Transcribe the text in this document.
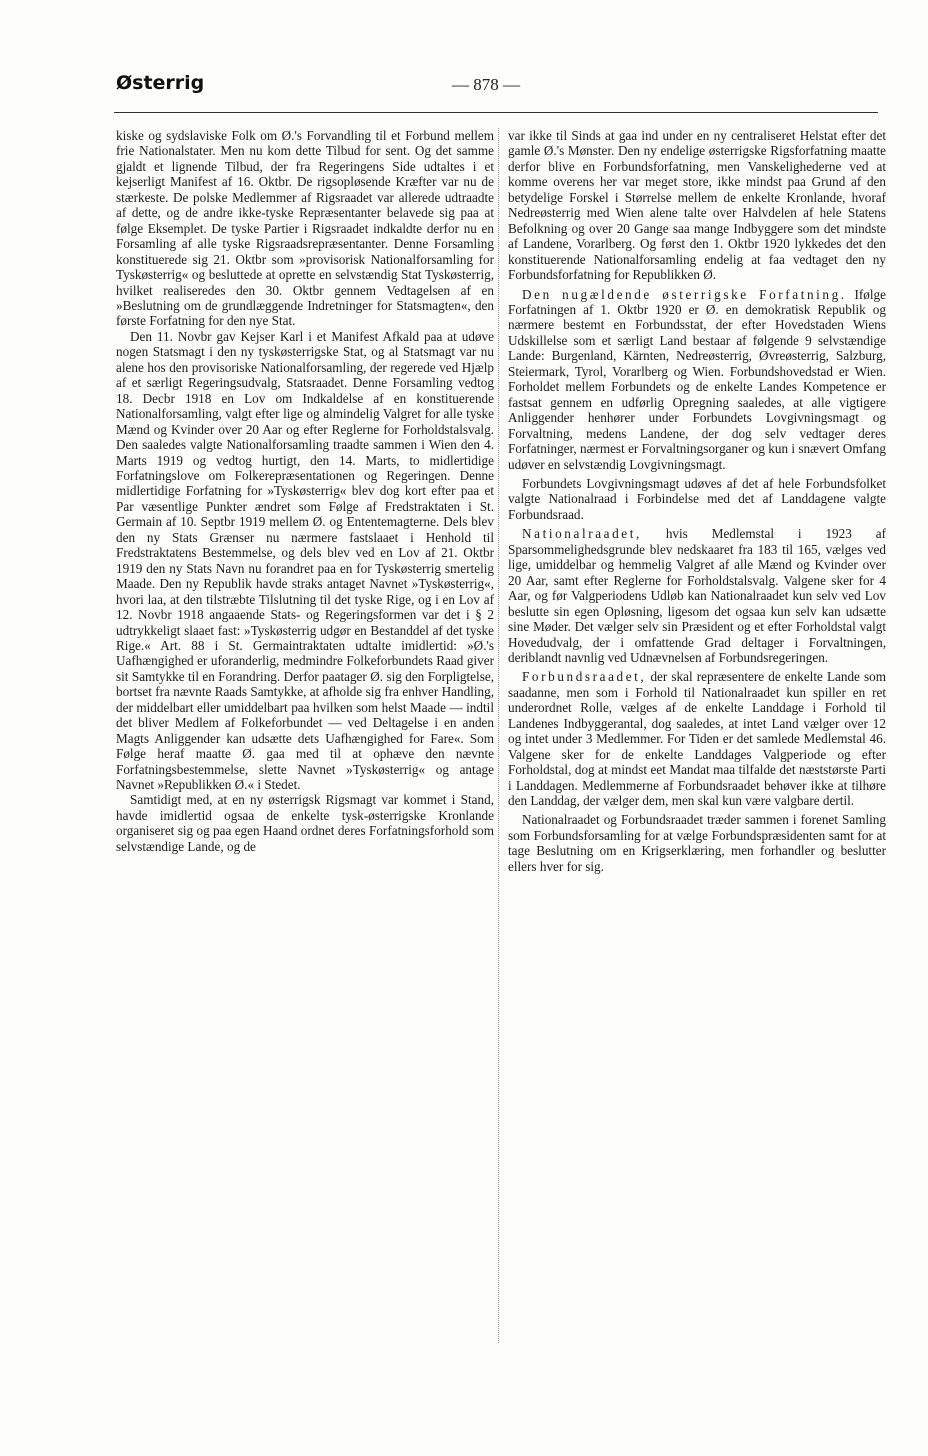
Østerrig	— 878 —

kiske og sydslaviske Folk om Ø.'s Forvandling til et Forbund mellem frie Nationalstater. Men nu kom dette Tilbud for sent. Og det samme gjaldt et lignende Tilbud, der fra Regeringens Side udtaltes i et kejserligt Manifest af 16. Oktbr. De rigsopløsende Kræfter var nu de stærkeste. De polske Medlemmer af Rigsraadet var allerede udtraadte af dette, og de andre ikke-tyske Repræsentanter belavede sig paa at følge Eksemplet. De tyske Partier i Rigsraadet indkaldte derfor nu en Forsamling af alle tyske Rigsraadsrepræsentanter. Denne Forsamling konstituerede sig 21. Oktbr som »provisorisk Nationalforsamling for Tyskøsterrig« og besluttede at oprette en selvstændig Stat Tyskøsterrig, hvilket realiseredes den 30. Oktbr gennem Vedtagelsen af en »Beslutning om de grundlæggende Indretninger for Statsmagten«, den første Forfatning for den nye Stat.

Den 11. Novbr gav Kejser Karl i et Manifest Afkald paa at udøve nogen Statsmagt i den ny tyskøsterrigske Stat, og al Statsmagt var nu alene hos den provisoriske Nationalforsamling, der regerede ved Hjælp af et særligt Regeringsudvalg, Statsraadet. Denne Forsamling vedtog 18. Decbr 1918 en Lov om Indkaldelse af en konstituerende Nationalforsamling, valgt efter lige og almindelig Valgret for alle tyske Mænd og Kvinder over 20 Aar og efter Reglerne for Forholdstalsvalg. Den saaledes valgte Nationalforsamling traadte sammen i Wien den 4. Marts 1919 og vedtog hurtigt, den 14. Marts, to midlertidige Forfatningslove om Folkerepræsentationen og Regeringen. Denne midlertidige Forfatning for »Tyskøsterrig« blev dog kort efter paa et Par væsentlige Punkter ændret som Følge af Fredstraktaten i St. Germain af 10. Septbr 1919 mellem Ø. og Ententemagterne. Dels blev den ny Stats Grænser nu nærmere fastslaaet i Henhold til Fredstraktatens Bestemmelse, og dels blev ved en Lov af 21. Oktbr 1919 den ny Stats Navn nu forandret paa en for Tyskøsterrig smertelig Maade. Den ny Republik havde straks antaget Navnet »Tyskøsterrig«, hvori laa, at den tilstræbte Tilslutning til det tyske Rige, og i en Lov af 12. Novbr 1918 angaaende Stats- og Regeringsformen var det i § 2 udtrykkeligt slaaet fast: »Tyskøsterrig udgør en Bestanddel af det tyske Rige.« Art. 88 i St. Germaintraktaten udtalte imidlertid: »Ø.'s Uafhængighed er uforanderlig, medmindre Folkeforbundets Raad giver sit Samtykke til en Forandring. Derfor paatager Ø. sig den Forpligtelse, bortset fra nævnte Raads Samtykke, at afholde sig fra enhver Handling, der middelbart eller umiddelbart paa hvilken som helst Maade — indtil det bliver Medlem af Folkeforbundet — ved Deltagelse i en anden Magts Anliggender kan udsætte dets Uafhængighed for Fare«. Som Følge heraf maatte Ø. gaa med til at ophæve den nævnte Forfatningsbestemmelse, slette Navnet »Tyskøsterrig« og antage Navnet »Republikken Ø.« i Stedet.

Samtidigt med, at en ny østerrigsk Rigsmagt var kommet i Stand, havde imidlertid ogsaa de enkelte tysk-østerrigske Kronlande organiseret sig og paa egen Haand ordnet deres Forfatningsforhold som selvstændige Lande, og de

var ikke til Sinds at gaa ind under en ny centraliseret Helstat efter det gamle Ø.'s Mønster. Den ny endelige østerrigske Rigsforfatning maatte derfor blive en Forbundsforfatning, men Vanskelighederne ved at komme overens her var meget store, ikke mindst paa Grund af den betydelige Forskel i Størrelse mellem de enkelte Kronlande, hvoraf Nedreøsterrig med Wien alene talte over Halvdelen af hele Statens Befolkning og over 20 Gange saa mange Indbyggere som det mindste af Landene, Vorarlberg. Og først den 1. Oktbr 1920 lykkedes det den konstituerende Nationalforsamling endelig at faa vedtaget den ny Forbundsforfatning for Republikken Ø.

Den nugældende østerrigske Forfatning. Ifølge Forfatningen af 1. Oktbr 1920 er Ø. en demokratisk Republik og nærmere bestemt en Forbundsstat, der efter Hovedstaden Wiens Udskillelse som et særligt Land bestaar af følgende 9 selvstændige Lande: Burgenland, Kärnten, Nedreøsterrig, Øvreøsterrig, Salzburg, Steiermark, Tyrol, Vorarlberg og Wien. Forbundshovedstad er Wien. Forholdet mellem Forbundets og de enkelte Landes Kompetence er fastsat gennem en udførlig Opregning saaledes, at alle vigtigere Anliggender henhører under Forbundets Lovgivningsmagt og Forvaltning, medens Landene, der dog selv vedtager deres Forfatninger, nærmest er Forvaltningsorganer og kun i snævert Omfang udøver en selvstændig Lovgivningsmagt.

Forbundets Lovgivningsmagt udøves af det af hele Forbundsfolket valgte Nationalraad i Forbindelse med det af Landdagene valgte Forbundsraad.

Nationalraadet, hvis Medlemstal i 1923 af Sparsommelighedsgrunde blev nedskaaret fra 183 til 165, vælges ved lige, umiddelbar og hemmelig Valgret af alle Mænd og Kvinder over 20 Aar, samt efter Reglerne for Forholdstalsvalg. Valgene sker for 4 Aar, og før Valgperiodens Udløb kan Nationalraadet kun selv ved Lov beslutte sin egen Opløsning, ligesom det ogsaa kun selv kan udsætte sine Møder. Det vælger selv sin Præsident og et efter Forholdstal valgt Hovedudvalg, der i omfattende Grad deltager i Forvaltningen, deriblandt navnlig ved Udnævnelsen af Forbundsregeringen.

Forbundsraadet, der skal repræsentere de enkelte Lande som saadanne, men som i Forhold til Nationalraadet kun spiller en ret underordnet Rolle, vælges af de enkelte Landdage i Forhold til Landenes Indbyggerantal, dog saaledes, at intet Land vælger over 12 og intet under 3 Medlemmer. For Tiden er det samlede Medlemstal 46. Valgene sker for de enkelte Landdages Valgperiode og efter Forholdstal, dog at mindst eet Mandat maa tilfalde det næststørste Parti i Landdagen. Medlemmerne af Forbundsraadet behøver ikke at tilhøre den Landdag, der vælger dem, men skal kun være valgbare dertil.

Nationalraadet og Forbundsraadet træder sammen i forenet Samling som Forbundsforsamling for at vælge Forbundspræsidenten samt for at tage Beslutning om en Krigserklæring, men forhandler og beslutter ellers hver for sig.
